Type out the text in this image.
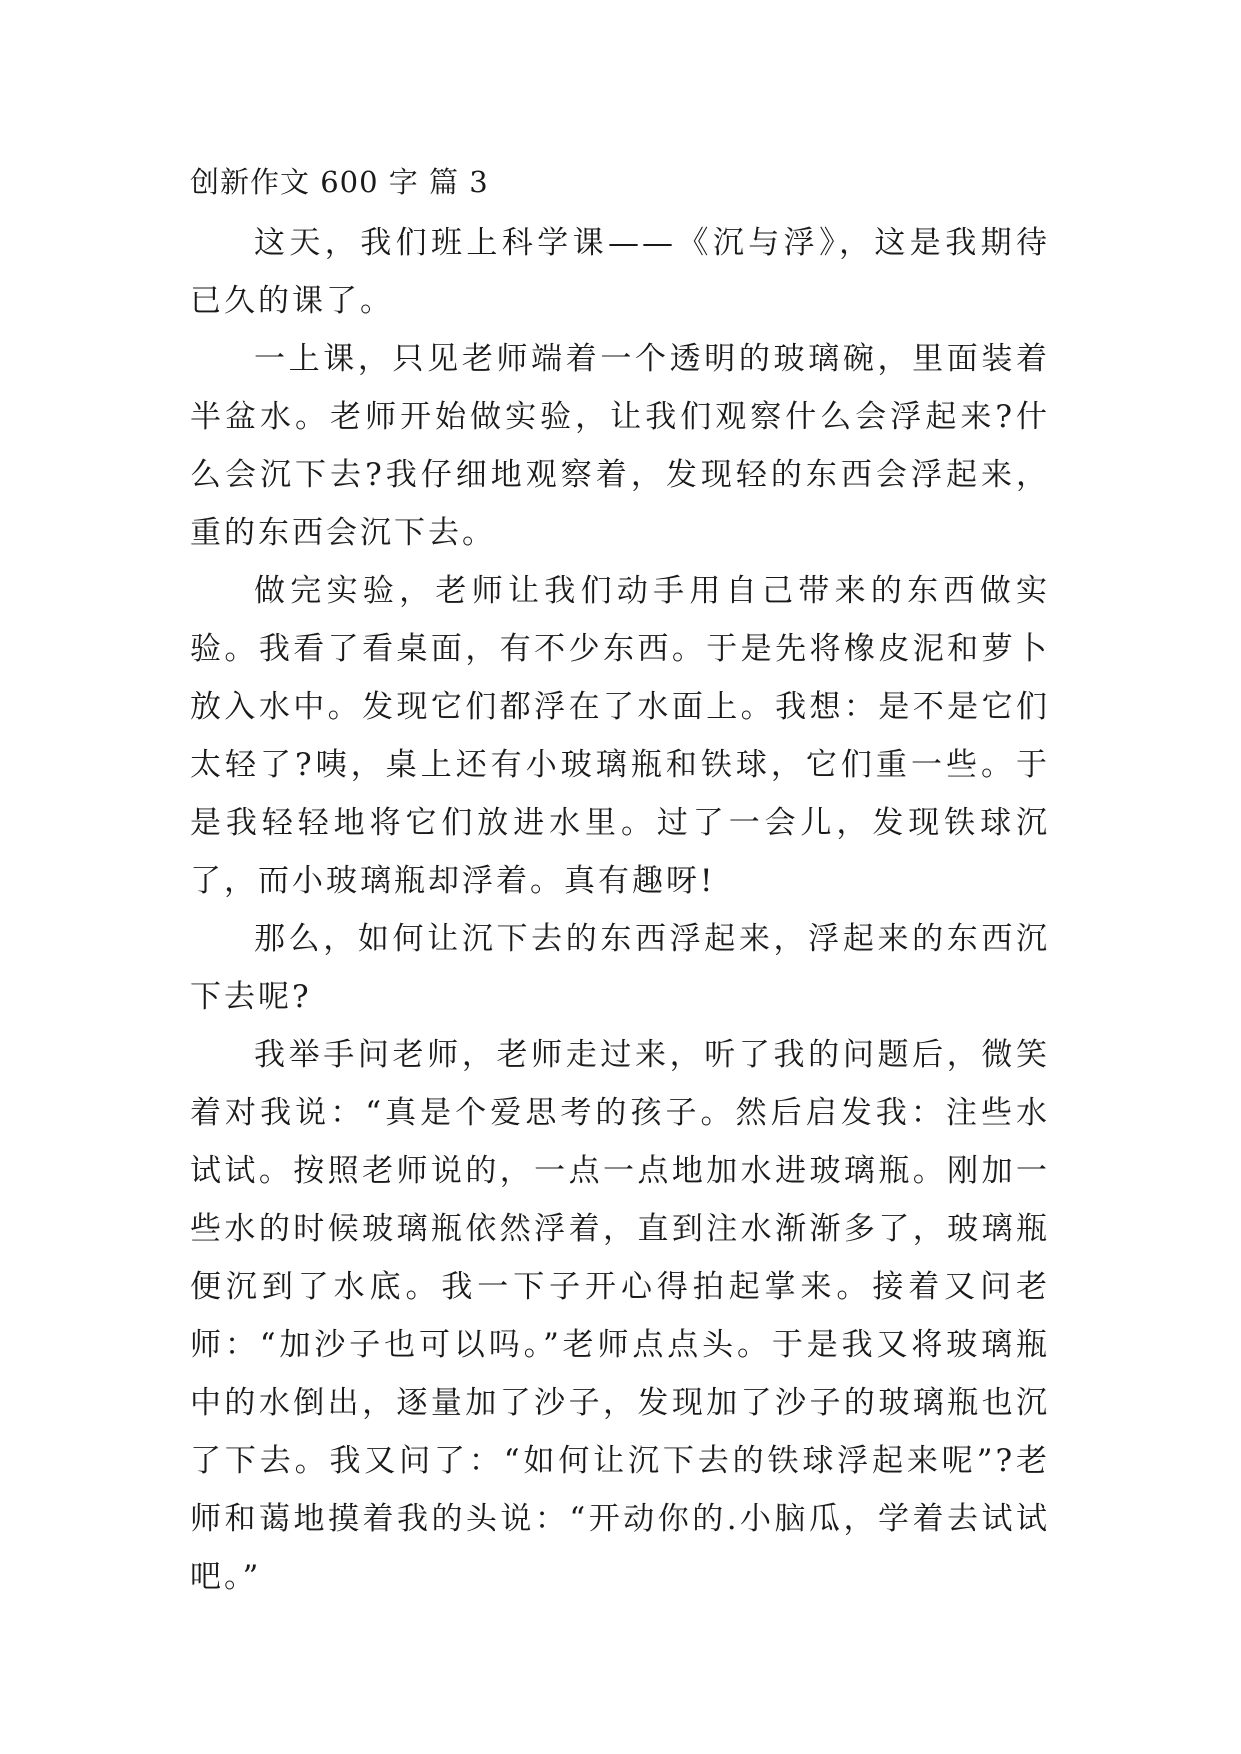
创新作文 600 字 篇 3

这天，我们班上科学课——《沉与浮》，这是我期待已久的课了。

一上课，只见老师端着一个透明的玻璃碗，里面装着半盆水。老师开始做实验，让我们观察什么会浮起来?什么会沉下去?我仔细地观察着，发现轻的东西会浮起来，重的东西会沉下去。

做完实验，老师让我们动手用自己带来的东西做实验。我看了看桌面，有不少东西。于是先将橡皮泥和萝卜放入水中。发现它们都浮在了水面上。我想：是不是它们太轻了?咦，桌上还有小玻璃瓶和铁球，它们重一些。于是我轻轻地将它们放进水里。过了一会儿，发现铁球沉了，而小玻璃瓶却浮着。真有趣呀!

那么，如何让沉下去的东西浮起来，浮起来的东西沉下去呢?

我举手问老师，老师走过来，听了我的问题后，微笑着对我说：“真是个爱思考的孩子。然后启发我：注些水试试。按照老师说的，一点一点地加水进玻璃瓶。刚加一些水的时候玻璃瓶依然浮着，直到注水渐渐多了，玻璃瓶便沉到了水底。我一下子开心得拍起掌来。接着又问老师：“加沙子也可以吗。”老师点点头。于是我又将玻璃瓶中的水倒出，逐量加了沙子，发现加了沙子的玻璃瓶也沉了下去。我又问了：“如何让沉下去的铁球浮起来呢”?老师和蔼地摸着我的头说：“开动你的.小脑瓜，学着去试试吧。”
